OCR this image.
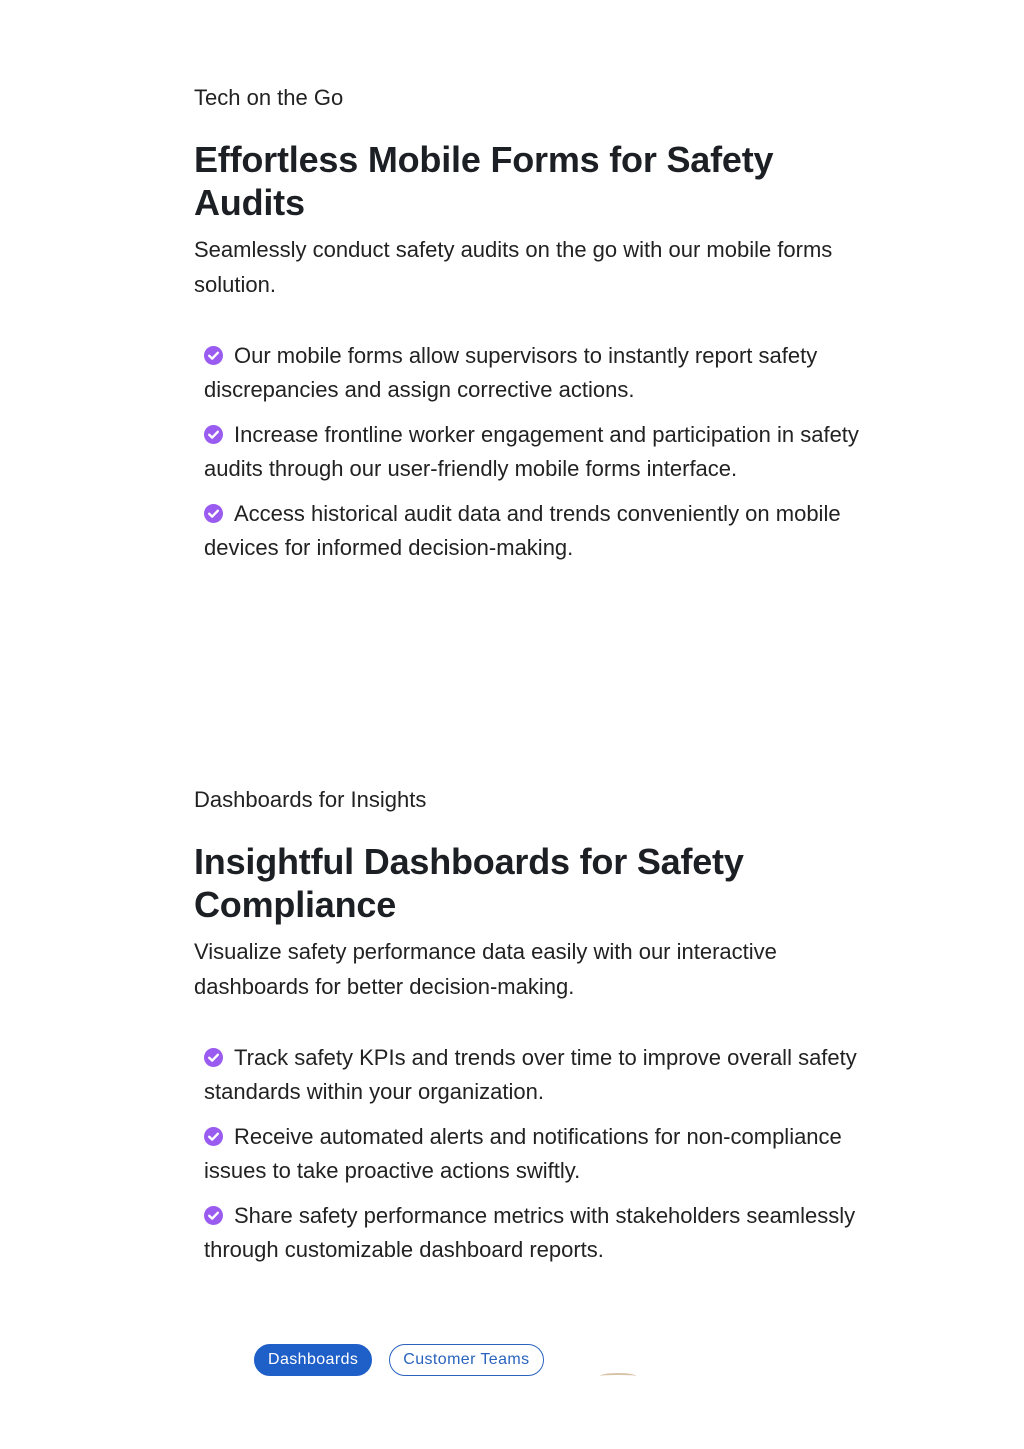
Tech on the Go

Effortless Mobile Forms for Safety Audits

Seamlessly conduct safety audits on the go with our mobile forms solution.

Our mobile forms allow supervisors to instantly report safety discrepancies and assign corrective actions.
Increase frontline worker engagement and participation in safety audits through our user-friendly mobile forms interface.
Access historical audit data and trends conveniently on mobile devices for informed decision-making.

Dashboards for Insights

Insightful Dashboards for Safety Compliance

Visualize safety performance data easily with our interactive dashboards for better decision-making.

Track safety KPIs and trends over time to improve overall safety standards within your organization.
Receive automated alerts and notifications for non-compliance issues to take proactive actions swiftly.
Share safety performance metrics with stakeholders seamlessly through customizable dashboard reports.
Dashboards	Customer Teams
